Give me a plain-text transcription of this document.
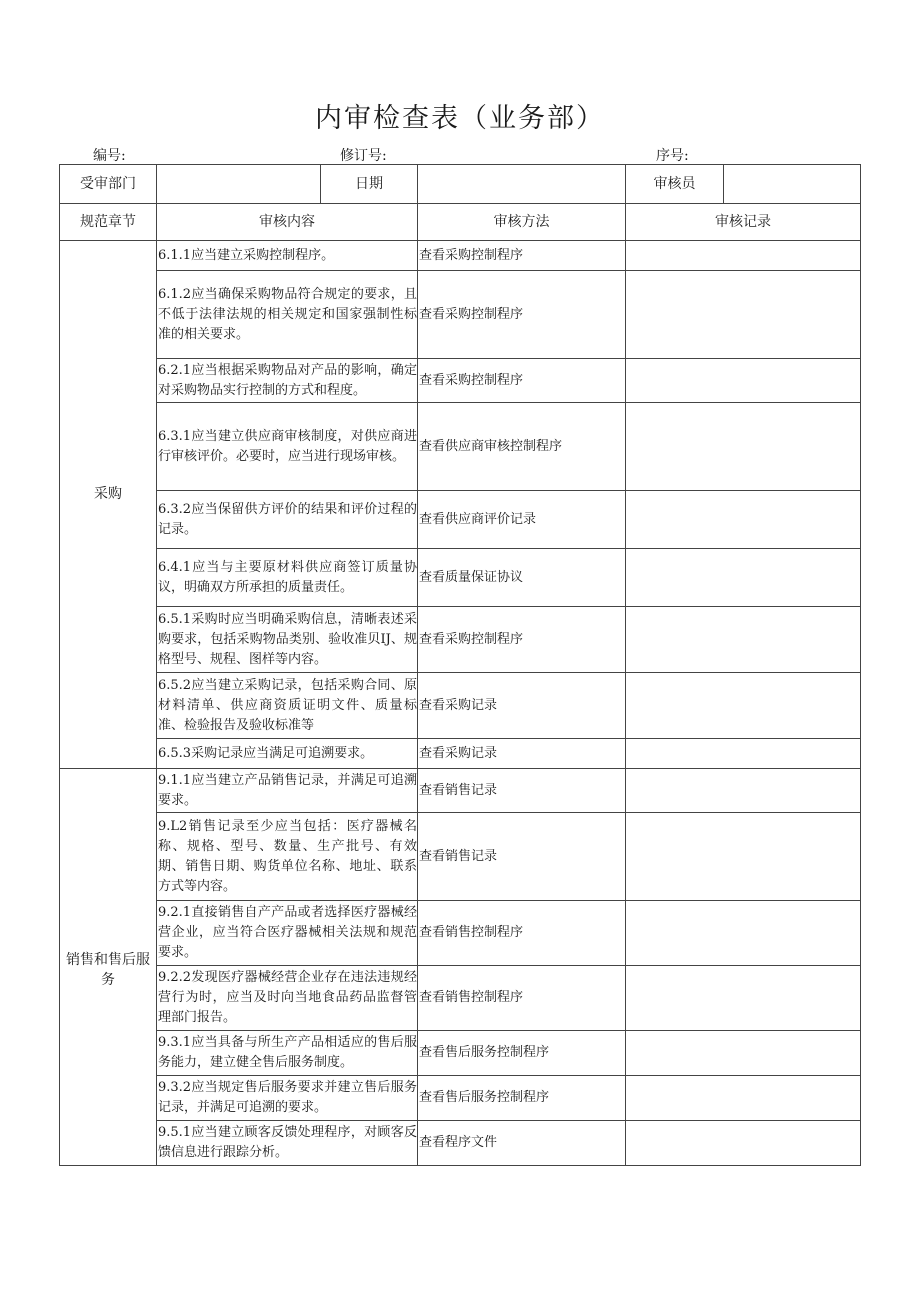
内审检查表（业务部）
编号:	修订号:	序号:
受审部门		日期		审核员	
规范章节	审核内容		审核方法	审核记录	
采购	6.1.1应当建立采购控制程序。		查看采购控制程序		
	6.1.2应当确保采购物品符合规定的要求，且不低于法律法规的相关规定和国家强制性标准的相关要求。		查看采购控制程序		
	6.2.1应当根据采购物品对产品的影响，确定对采购物品实行控制的方式和程度。		查看采购控制程序		
	6.3.1应当建立供应商审核制度，对供应商进行审核评价。必要时，应当进行现场审核。		查看供应商审核控制程序		
	6.3.2应当保留供方评价的结果和评价过程的记录。		查看供应商评价记录		
	6.4.1应当与主要原材料供应商签订质量协议，明确双方所承担的质量责任。		查看质量保证协议		
	6.5.1采购时应当明确采购信息，清晰表述采购要求，包括采购物品类别、验收准贝IJ、规格型号、规程、图样等内容。		查看采购控制程序		
	6.5.2应当建立采购记录，包括采购合同、原材料清单、供应商资质证明文件、质量标准、检验报告及验收标准等		查看采购记录		
	6.5.3采购记录应当满足可追溯要求。		查看采购记录		
销售和售后服务	9.1.1应当建立产品销售记录，并满足可追溯要求。		查看销售记录		
	9.L2销售记录至少应当包括：医疗器械名称、规格、型号、数量、生产批号、有效期、销售日期、购货单位名称、地址、联系方式等内容。		查看销售记录		
	9.2.1直接销售自产产品或者选择医疗器械经营企业，应当符合医疗器械相关法规和规范要求。		查看销售控制程序		
	9.2.2发现医疗器械经营企业存在违法违规经营行为时，应当及时向当地食品药品监督管理部门报告。		查看销售控制程序		
	9.3.1应当具备与所生产产品相适应的售后服务能力，建立健全售后服务制度。		查看售后服务控制程序		
	9.3.2应当规定售后服务要求并建立售后服务记录，并满足可追溯的要求。		查看售后服务控制程序		
	9.5.1应当建立顾客反馈处理程序，对顾客反馈信息进行跟踪分析。		查看程序文件		
